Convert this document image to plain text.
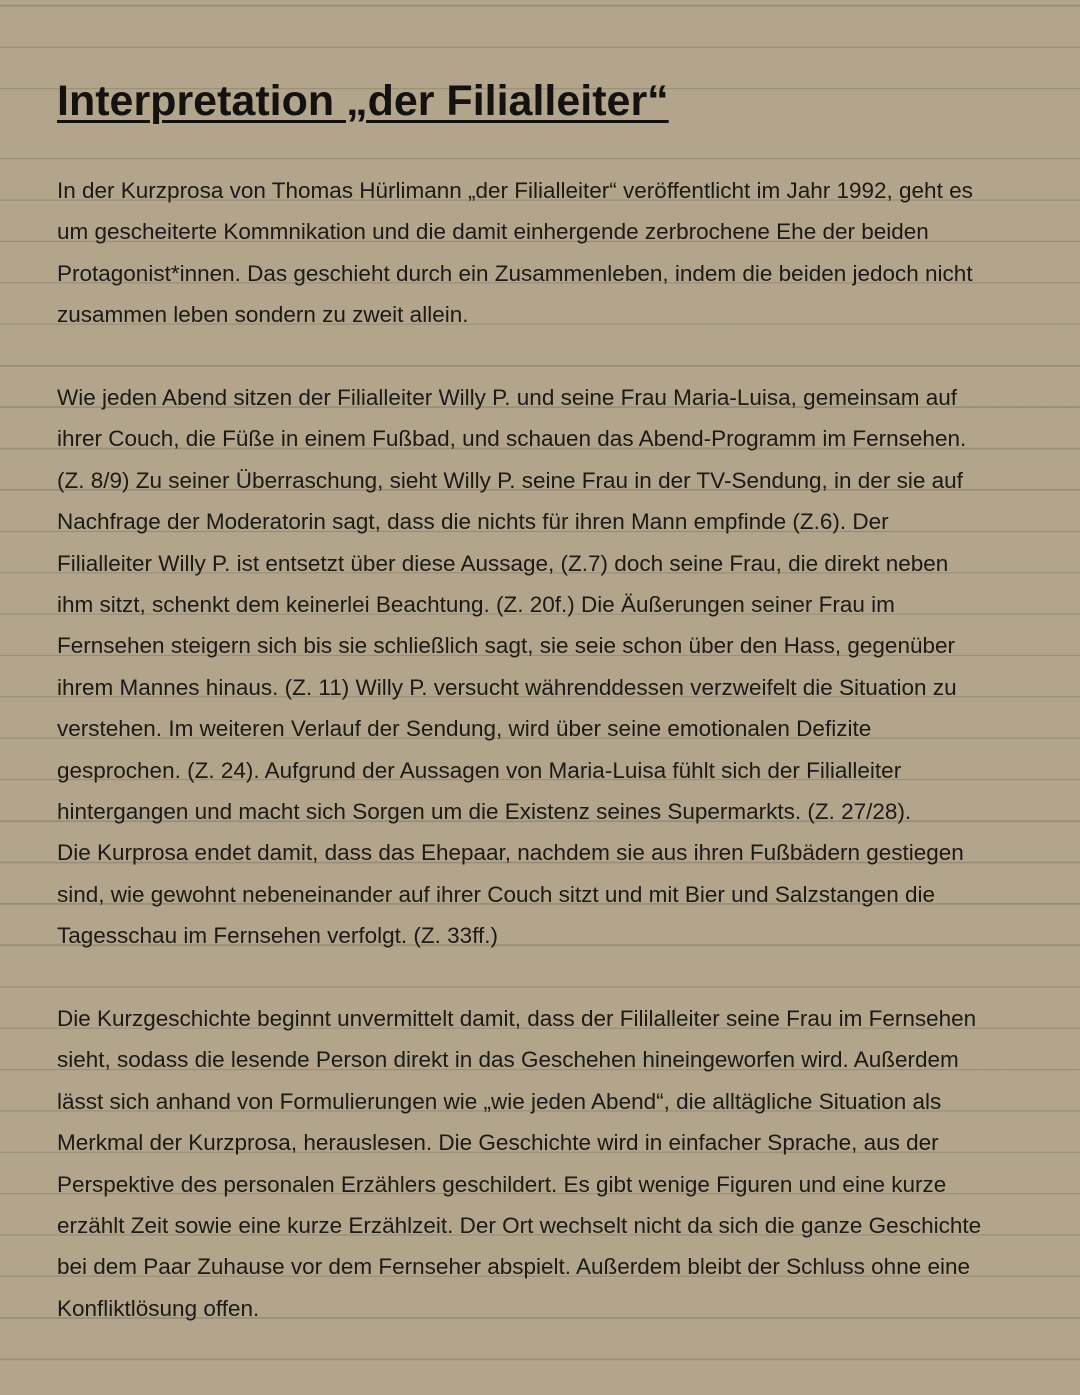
Interpretation „der Filialleiter“

In der Kurzprosa von Thomas Hürlimann „der Filialleiter“ veröffentlicht im Jahr 1992, geht es
um gescheiterte Kommnikation und die damit einhergende zerbrochene Ehe der beiden
Protagonist*innen. Das geschieht durch ein Zusammenleben, indem die beiden jedoch nicht
zusammen leben sondern zu zweit allein.

Wie jeden Abend sitzen der Filialleiter Willy P. und seine Frau Maria-Luisa, gemeinsam auf
ihrer Couch, die Füße in einem Fußbad, und schauen das Abend-Programm im Fernsehen.
(Z. 8/9) Zu seiner Überraschung, sieht Willy P. seine Frau in der TV-Sendung, in der sie auf
Nachfrage der Moderatorin sagt, dass die nichts für ihren Mann empfinde (Z.6). Der
Filialleiter Willy P. ist entsetzt über diese Aussage, (Z.7) doch seine Frau, die direkt neben
ihm sitzt, schenkt dem keinerlei Beachtung. (Z. 20f.) Die Äußerungen seiner Frau im
Fernsehen steigern sich bis sie schließlich sagt, sie seie schon über den Hass, gegenüber
ihrem Mannes hinaus. (Z. 11) Willy P. versucht währenddessen verzweifelt die Situation zu
verstehen. Im weiteren Verlauf der Sendung, wird über seine emotionalen Defizite
gesprochen. (Z. 24). Aufgrund der Aussagen von Maria-Luisa fühlt sich der Filialleiter
hintergangen und macht sich Sorgen um die Existenz seines Supermarkts. (Z. 27/28).
Die Kurprosa endet damit, dass das Ehepaar, nachdem sie aus ihren Fußbädern gestiegen
sind, wie gewohnt nebeneinander auf ihrer Couch sitzt und mit Bier und Salzstangen die
Tagesschau im Fernsehen verfolgt. (Z. 33ff.)

Die Kurzgeschichte beginnt unvermittelt damit, dass der Fililalleiter seine Frau im Fernsehen
sieht, sodass die lesende Person direkt in das Geschehen hineingeworfen wird. Außerdem
lässt sich anhand von Formulierungen wie „wie jeden Abend“, die alltägliche Situation als
Merkmal der Kurzprosa, herauslesen. Die Geschichte wird in einfacher Sprache, aus der
Perspektive des personalen Erzählers geschildert. Es gibt wenige Figuren und eine kurze
erzählt Zeit sowie eine kurze Erzählzeit. Der Ort wechselt nicht da sich die ganze Geschichte
bei dem Paar Zuhause vor dem Fernseher abspielt. Außerdem bleibt der Schluss ohne eine
Konfliktlösung offen.
